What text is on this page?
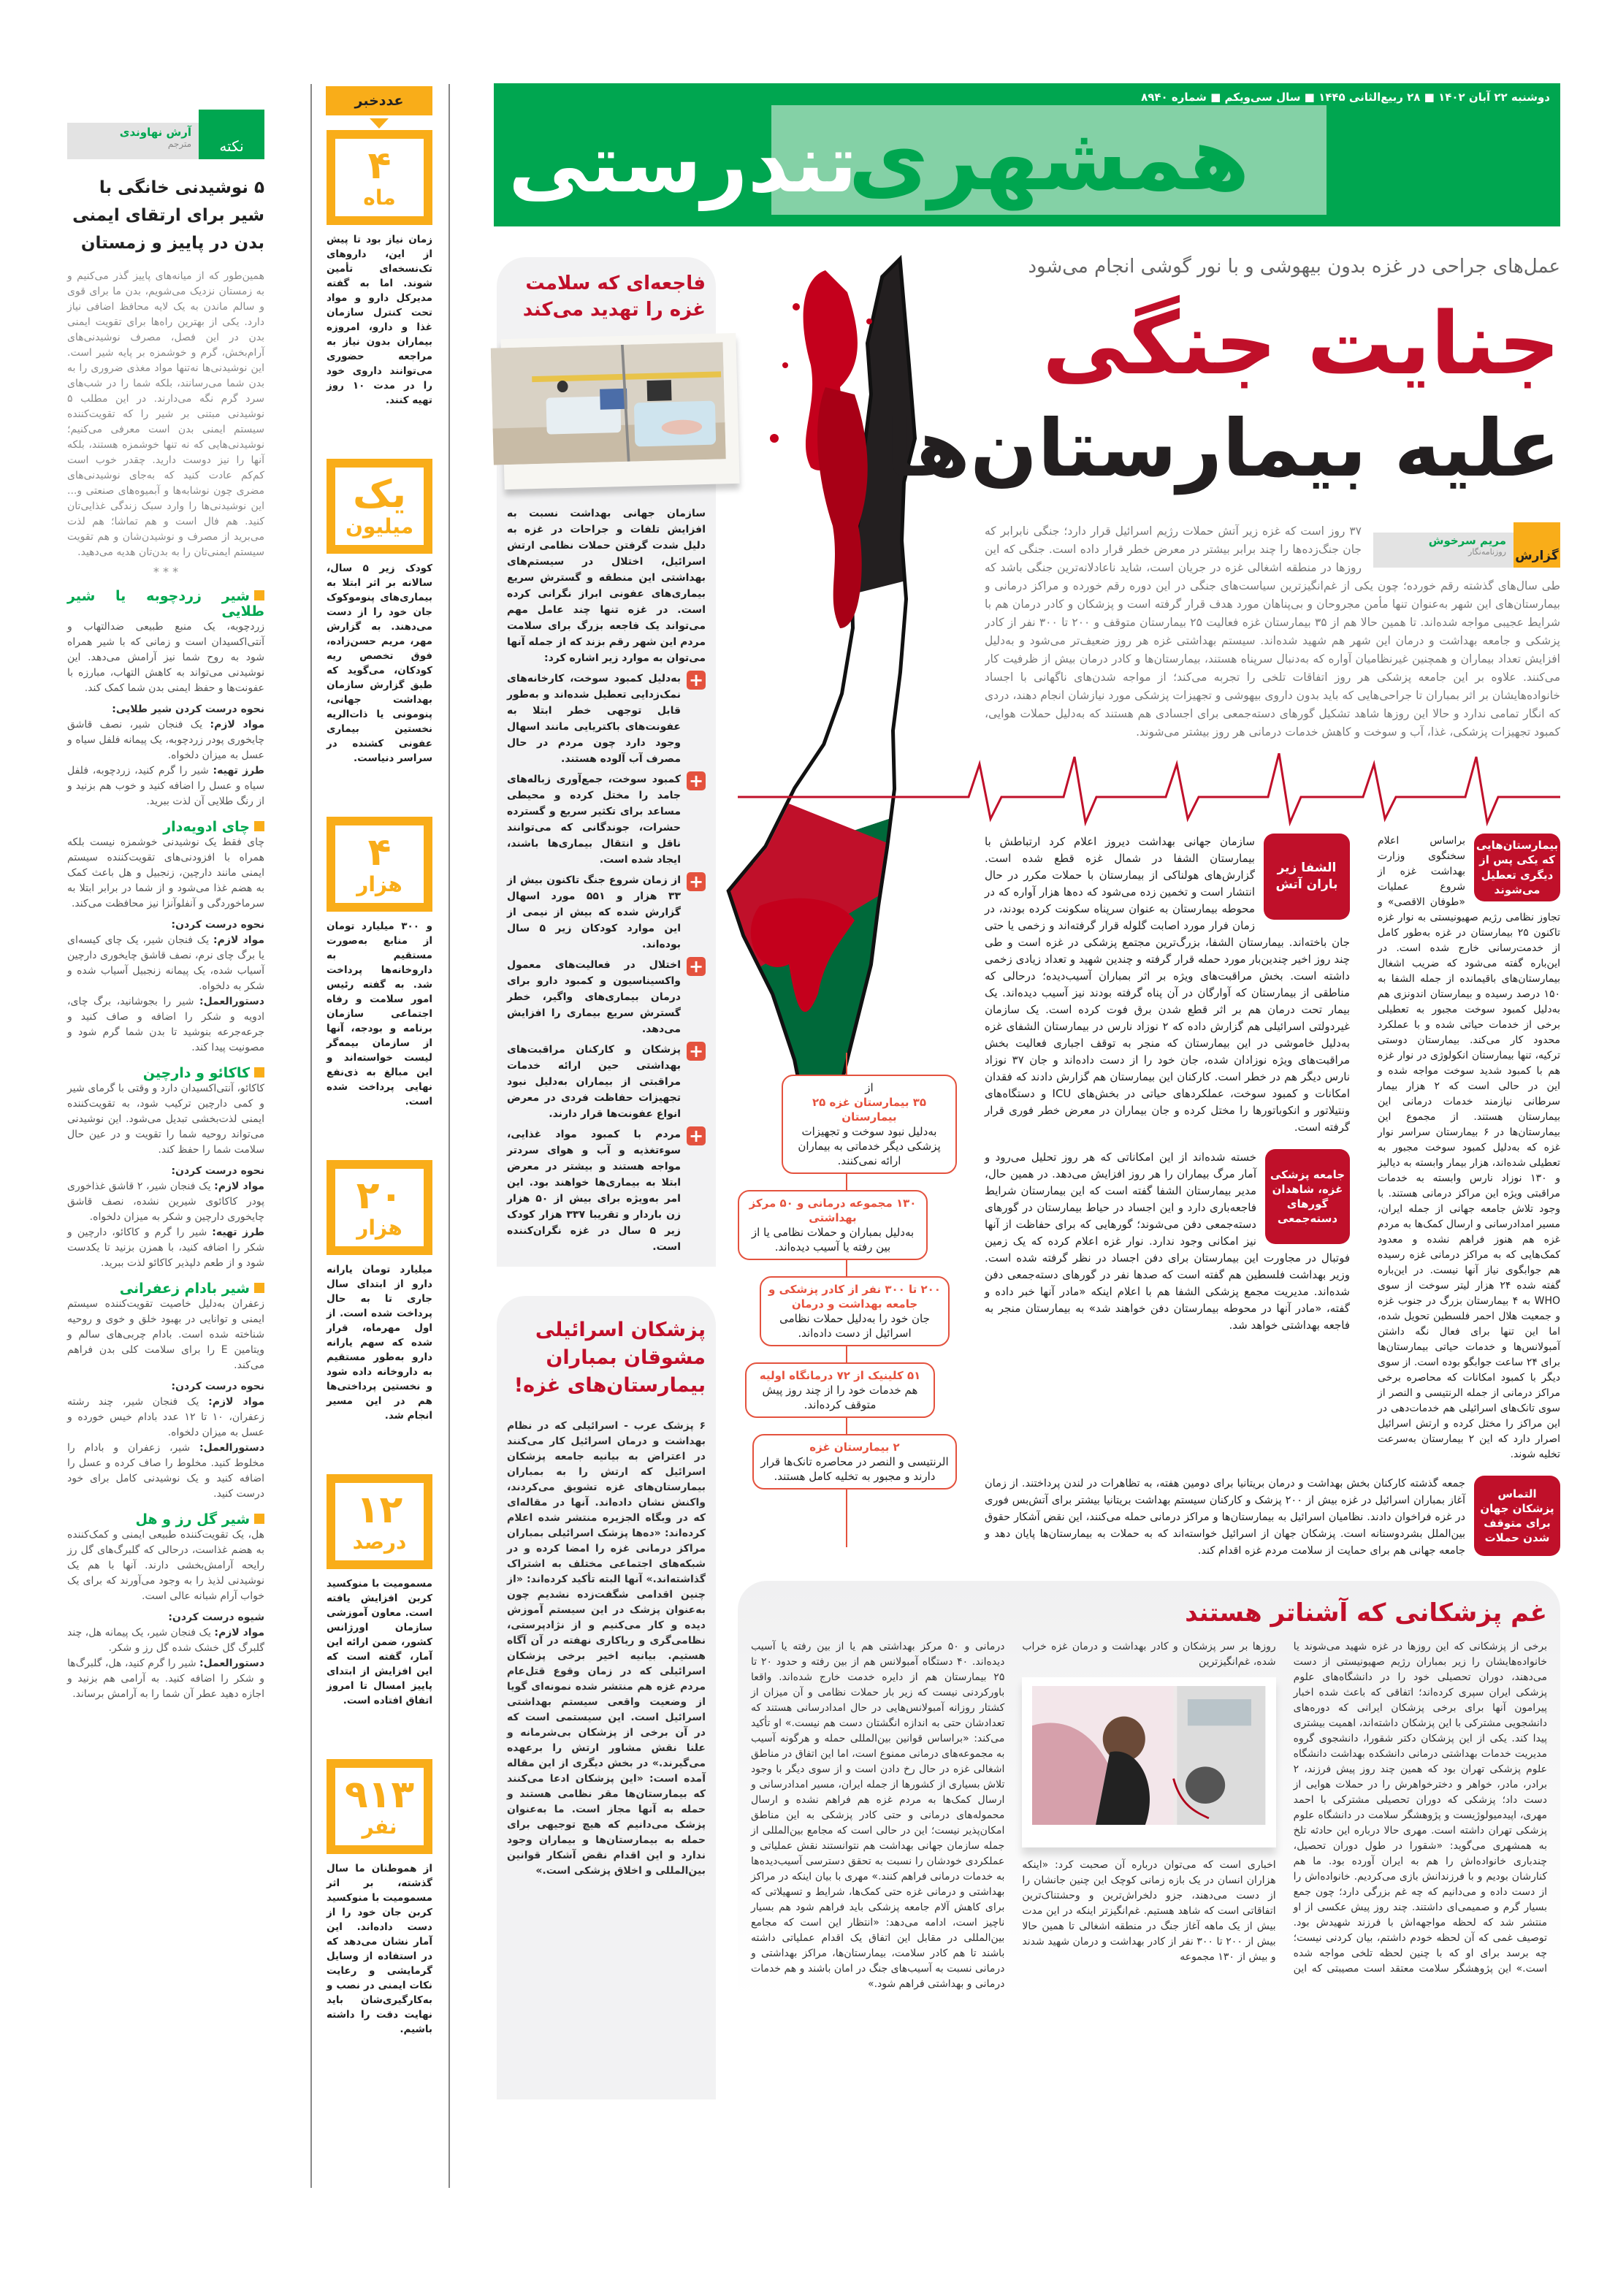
نکته
آرش نهاوندی
مترجم
۵ نوشیدنی خانگی با شیر برای ارتقای ایمنی بدن در پاییز و زمستان

همین‌طور که از میانه‌های پاییز گذر می‌کنیم و به زمستان نزدیک می‌شویم، بدن ما برای قوی و سالم ماندن به یک لایه محافظ اضافی نیاز دارد. یکی از بهترین راه‌ها برای تقویت ایمنی بدن در این فصل، مصرف نوشیدنی‌های آرام‌بخش، گرم و خوشمزه بر پایه شیر است. این نوشیدنی‌ها نه‌تنها مواد مغذی ضروری را به بدن شما می‌رسانند، بلکه شما را در شب‌های سرد گرم نگه می‌دارند. در این مطلب ۵ نوشیدنی مبتنی بر شیر را که تقویت‌کننده سیستم ایمنی بدن است معرفی می‌کنیم؛ نوشیدنی‌هایی که نه تنها خوشمزه هستند، بلکه آنها را نیز دوست دارید. چقدر خوب است کم‌کم عادت کنید که به‌جای نوشیدنی‌های مضری چون نوشابه‌ها و آبمیوه‌های صنعتی و... این نوشیدنی‌ها را وارد سبک زندگی غذایی‌تان کنید. هم فال است و هم تماشا؛ هم لذت می‌برید از مصرف و نوشیدن‌شان و هم تقویت سیستم ایمنی‌تان را به بدن‌تان هدیه می‌دهید.

* * *
شیر زردچوبه یا شیر طلایی

زردچوبه، یک منبع طبیعی ضدالتهاب و آنتی‌اکسیدان است و زمانی که با شیر همراه شود به روح شما نیز آرامش می‌دهد. این نوشیدنی می‌تواند به کاهش التهاب، مبارزه با عفونت‌ها و حفظ ایمنی بدن شما کمک کند.

نحوه درست کردن شیر طلایی:

مواد لازم: یک فنجان شیر، نصف قاشق چایخوری پودر زردچوبه، یک پیمانه فلفل سیاه و عسل به میزان دلخواه.

طرز تهیه: شیر را گرم کنید، زردچوبه، فلفل سیاه و عسل را اضافه کنید و خوب هم بزنید و از رنگ طلایی آن لذت ببرید.

چای ادویه‌دار

چای فقط یک نوشیدنی خوشمزه نیست بلکه همراه با افزودنی‌های تقویت‌کننده سیستم ایمنی مانند دارچین، زنجبیل و هل باعث کمک به هضم غذا می‌شود و از شما در برابر ابتلا به سرماخوردگی و آنفلوآنزا نیز محافظت می‌کند.

نحوه درست کردن:

مواد لازم: یک فنجان شیر، یک چای کیسه‌ای یا برگ چای نرم، نصف قاشق چایخوری دارچین آسیاب شده، یک پیمانه زنجبیل آسیاب شده و شکر به دلخواه.

دستورالعمل: شیر را بجوشانید، برگ چای، ادویه و شکر را اضافه و صاف کنید و جرعه‌جرعه بنوشید تا بدن شما گرم شود و مصونیت پیدا کند.

کاکائو و دارچین

کاکائو، آنتی‌اکسیدان دارد و وقتی با گرمای شیر و کمی دارچین ترکیب شود، به تقویت‌کننده ایمنی لذت‌بخشی تبدیل می‌شود. این نوشیدنی می‌تواند روحیه شما را تقویت و در عین حال سلامت شما را حفظ کند.

نحوه درست کردن:

مواد لازم: یک فنجان شیر، ۲ قاشق غذاخوری پودر کاکائوی شیرین نشده، نصف قاشق چایخوری دارچین و شکر به میزان دلخواه.

طرز تهیه: شیر را گرم و کاکائو، دارچین و شکر را اضافه کنید، با همزن بزنید تا یکدست شود و از طعم دلپذیر کاکائو لذت ببرید.

شیر بادام زعفرانی

زعفران به‌دلیل خاصیت تقویت‌کننده سیستم ایمنی و توانایی در بهبود خلق و خوی و روحیه شناخته شده است. بادام چربی‌های سالم و ویتامین E را برای سلامت کلی بدن فراهم می‌کند.

نحوه درست کردن:

مواد لازم: یک فنجان شیر، چند رشته زعفران، ۱۰ تا ۱۲ عدد بادام خیس خورده و عسل به میزان دلخواه.

دستورالعمل: شیر، زعفران و بادام را مخلوط کنید. مخلوط را صاف کرده و عسل را اضافه کنید و یک نوشیدنی کامل برای خود درست کنید.

شیر گل رز و هل

هل، یک تقویت‌کننده طبیعی ایمنی و کمک‌کننده به هضم غذاست، درحالی که گلبرگ‌های گل رز رایحه آرامش‌بخشی دارند. آنها با هم یک نوشیدنی لذیذ را به وجود می‌آورند که برای یک خواب آرام شبانه عالی است.

شیوه درست کردن:

مواد لازم: یک فنجان شیر، یک پیمانه هل، چند گلبرگ گل خشک شده گل رز و شکر.

دستورالعمل: شیر را گرم کنید، هل، گلبرگ‌ها و شکر را اضافه کنید. به آرامی هم بزنید و اجازه دهید عطر آن شما را به آرامش برساند.

عددخبر
۴
ماه

زمان نیاز بود تا پیش از این، داروهای تک‌نسخه‌ای تأمین شوند. اما به گفته مدیرکل دارو و مواد تحت کنترل سازمان غذا و دارو، امروزه بیماران بدون نیاز به مراجعه حضوری می‌توانند داروی خود را در مدت ۱۰ روز تهیه کنند.

یک
میلیون

کودک زیر ۵ سال، سالانه بر اثر ابتلا به بیماری‌های پنوموکوک جان خود را از دست می‌دهند. به گزارش مهر، مریم حسن‌زاده، فوق تخصص ریه کودکان، می‌گوید که طبق گزارش سازمان بهداشت جهانی، پنومونی یا ذات‌الریه نخستین بیماری عفونی کشنده در سراسر دنیاست.

۴
هزار

و ۳۰۰ میلیارد تومان از منابع به‌صورت مستقیم به داروخانه‌ها پرداخت شد. به گفته رئیس امور سلامت و رفاه اجتماعی سازمان برنامه و بودجه، آنها از سازمان بیمه‌گر لیست خواسته‌اند و این مبالغ به ذی‌نفع نهایی پرداخت شده است.

۲۰
هزار

میلیارد تومان یارانه دارو از ابتدای سال جاری تا به حال پرداخت شده است. از اول مهرماه، قرار شده که سهم یارانه دارو به‌طور مستقیم به داروخانه داده شود و نخستین پرداختی‌ها هم در این مسیر انجام شد.

۱۲
درصد

مسمومیت با منوکسید کربن افزایش یافته است. معاون آموزشی سازمان اورژانس کشور، ضمن ارائه این آمار، گفته است که این افزایش از ابتدای پاییز امسال تا امروز اتفاق افتاده است.

۹۱۳
نفر

از هموطنان ما سال گذشته، بر اثر مسمومیت با منوکسید کربن جان خود را از دست داده‌اند. این آمار نشان می‌دهد که در استفاده از وسایل گرمایشی و رعایت نکات ایمنی در نصب و به‌کارگیری‌شان باید نهایت دقت را داشته باشیم.

دوشنبه ۲۲ آبان ۱۴۰۲ ■ ۲۸ ربیع‌الثانی ۱۴۴۵ ■ سال سی‌ویکم ■ شماره ۸۹۴۰
همشهری
تندرستی
فاجعه‌ای که سلامت غزه را تهدید می‌کند

سازمان جهانی بهداشت نسبت به افزایش تلفات و جراحات در غزه به دلیل شدت گرفتن حملات نظامی ارتش اسرائیل، اختلال در سیستم‌های بهداشتی این منطقه و گسترش سریع بیماری‌های عفونی ابراز نگرانی کرده است. در غزه تنها چند عامل مهم می‌تواند یک فاجعه بزرگ برای سلامت مردم این شهر رقم بزند که از جمله آنها می‌توان به موارد زیر اشاره کرد:

+
به‌دلیل کمبود سوخت، کارخانه‌های نمک‌زدایی تعطیل شده‌اند و به‌طور قابل توجهی خطر ابتلا به عفونت‌های باکتریایی مانند اسهال وجود دارد چون مردم در حال مصرف آب آلوده هستند.
+
کمبود سوخت، جمع‌آوری زباله‌های جامد را مختل کرده و محیطی مساعد برای تکثیر سریع و گسترده حشرات، جوندگانی که می‌توانند ناقل و انتقال بیماری‌ها باشند، ایجاد شده است.
+
از زمان شروع جنگ تاکنون بیش از ۳۳ هزار و ۵۵۱ مورد اسهال گزارش شده که بیش از نیمی از این موارد کودکان زیر ۵ سال بوده‌اند.
+
اختلال در فعالیت‌های معمول واکسیناسیون و کمبود دارو برای درمان بیماری‌های واگیر، خطر گسترش سریع بیماری را افزایش می‌دهد.
+
پزشکان و کارکنان مراقبت‌های بهداشتی حین ارائه خدمات مراقبتی از بیماران به‌دلیل نبود تجهیزات حفاظت فردی در معرض انواع عفونت‌ها قرار دارند.
+
مردم با کمبود مواد غذایی، سوء‌تغذیه و آب و هوای سردتر مواجه هستند و بیشتر در معرض ابتلا به بیماری‌ها خواهند بود. این امر به‌ویژه برای بیش از ۵۰ هزار زن باردار و تقریبا ۳۳۷ هزار کودک زیر ۵ سال در غزه نگران‌کننده است.
پزشکان اسرائیلی مشوقان بمباران بیمارستان‌های غزه!

۶ پزشک عرب - اسرائیلی که در نظام بهداشت و درمان اسرائیل کار می‌کنند در اعتراض به بیانیه جامعه پزشکان اسرائیل که ارتش را به بمباران بیمارستان‌های غزه تشویق می‌کردند، واکنش نشان داده‌اند. آنها در مقاله‌ای که در وبگاه الجزیره منتشر شده اعلام کرده‌اند: «ده‌ها پزشک اسرائیلی بمباران مراکز درمانی غزه را امضا کرده و در شبکه‌های اجتماعی مختلف به اشتراک گذاشته‌اند.» آنها البته تأکید کرده‌اند: «از چنین اقدامی شگفت‌زده نشدیم چون به‌عنوان پزشک در این سیستم آموزش دیده و کار می‌کنیم و از نژادپرستی، نظامی‌گری و ریاکاری نهفته در آن آگاه هستیم. بیانیه اخیر برخی پزشکان اسرائیلی که در زمان وقوع قتل‌عام مردم غزه هم منتشر شده نمونه‌ای گویا از وضعیت واقعی سیستم بهداشتی اسرائیل است. این سیستمی است که در آن برخی از پزشکان بی‌شرمانه و علنا نقش مشاور ارتش را برعهده می‌گیرند.» در بخش دیگری از این مقاله آمده است: «این پزشکان ادعا می‌کنند که بیمارستان‌ها مقر نظامی هستند و حمله به آنها مجاز است. ما به‌عنوان پزشک می‌دانیم که هیچ توجیهی برای حمله به بیمارستان‌ها و بیماران وجود ندارد و این اقدام نقض آشکار قوانین بین‌المللی و اخلاق پزشکی است.»

عمل‌های جراحی در غزه بدون بیهوشی و با نور گوشی انجام می‌شود
جنایت جنگی
علیه بیمارستان‌ها
گزارش
مریم سرخوش
روزنامه‌نگار

۳۷ روز است که غزه زیر آتش حملات رژیم اسرائیل قرار دارد؛ جنگی نابرابر که جان جنگ‌زده‌ها را چند برابر بیشتر در معرض خطر قرار داده است. جنگی که این روزها در منطقه اشغالی غزه در جریان است، شاید ناعادلانه‌ترین جنگی باشد که طی سال‌های گذشته رقم خورده؛ چون یکی از غم‌انگیزترین سیاست‌های جنگی در این دوره رقم خورده و مراکز درمانی و بیمارستان‌های این شهر به‌عنوان تنها مأمن مجروحان و بی‌پناهان مورد هدف قرار گرفته است و پزشکان و کادر درمان هم با شرایط عجیبی مواجه شده‌اند. تا همین حالا هم از ۳۵ بیمارستان غزه فعالیت ۲۵ بیمارستان متوقف و ۲۰۰ تا ۳۰۰ نفر از کادر پزشکی و جامعه بهداشت و درمان این شهر هم شهید شده‌اند. سیستم بهداشتی غزه هر روز ضعیف‌تر می‌شود و به‌دلیل افزایش تعداد بیماران و همچنین غیرنظامیان آواره که به‌دنبال سرپناه هستند، بیمارستان‌ها و کادر درمان بیش از ظرفیت کار می‌کنند. علاوه بر این جامعه پزشکی هر روز اتفاقات تلخی را تجربه می‌کند؛ از مواجه شدن‌های ناگهانی با اجساد خانواده‌هایشان بر اثر بمباران تا جراحی‌هایی که باید بدون داروی بیهوشی و تجهیزات پزشکی مورد نیازشان انجام دهند، دردی که انگار تمامی ندارد و حالا این روزها شاهد تشکیل گورهای دسته‌جمعی برای اجسادی هم هستند که به‌دلیل حملات هوایی، کمبود تجهیزات پزشکی، غذا، آب و سوخت و کاهش خدمات درمانی هر روز بیشتر می‌شوند.

بیمارستان‌هایی که یکی پس از دیگری تعطیل می‌شوند

براساس اعلام سخنگوی وزارت بهداشت غزه از شروع عملیات «طوفان الاقصی» و تجاوز نظامی رژیم صهیونیستی به نوار غزه تاکنون ۲۵ بیمارستان در غزه به‌طور کامل از خدمت‌رسانی خارج شده است. در این‌باره گفته می‌شود که ضریب اشغال بیمارستان‌های باقیمانده از جمله الشفا به ۱۵۰ درصد رسیده و بیمارستان اندونزی هم به‌دلیل کمبود سوخت مجبور به تعطیلی برخی از خدمات حیاتی شده و با عملکرد محدود کار می‌کند. بیمارستان دوستی ترکیه، تنها بیمارستان انکولوژی در نوار غزه هم با کمبود شدید سوخت مواجه شده و این در حالی است که ۲ هزار بیمار سرطانی نیازمند خدمات درمانی این بیمارستان هستند. از مجموع این بیمارستان‌ها در ۶ بیمارستان سراسر نوار غزه که به‌دلیل کمبود سوخت مجبور به تعطیلی شده‌اند، هزار بیمار وابسته به دیالیز و ۱۳۰ نوزاد نارس وابسته به خدمات مراقبتی ویژه این مراکز درمانی هستند. با وجود تلاش جامعه جهانی از جمله ایران، مسیر امدادرسانی و ارسال کمک‌ها به مردم غزه هم هنوز فراهم نشده و معدود کمک‌هایی که به مراکز درمانی غزه رسیده هم جوابگوی نیاز آنها نیست. در این‌باره گفته شده ۲۴ هزار لیتر سوخت از سوی WHO به ۴ بیمارستان بزرگ در جنوب غزه و جمعیت هلال احمر فلسطین تحویل شده، اما این تنها برای فعال نگه داشتن آمبولانس‌ها و خدمات حیاتی بیمارستان‌ها برای ۲۴ ساعت جوابگو بوده است. از سوی دیگر با کمبود امکانات که محاصره برخی مراکز درمانی از جمله الرنتیسی و النصر از سوی تانک‌های اسرائیلی هم خدمات‌دهی در این مراکز را مختل کرده و ارتش اسرائیل اصرار دارد که این ۲ بیمارستان به‌سرعت تخلیه شوند.

الشفا زیر باران آتش

سازمان جهانی بهداشت دیروز اعلام کرد ارتباطش با بیمارستان الشفا در شمال غزه قطع شده است. گزارش‌های هولناکی از بیمارستان با حملات مکرر در حال انتشار است و تخمین زده می‌شود که ده‌ها هزار آواره که در محوطه بیمارستان به عنوان سرپناه سکونت کرده بودند، در زمان فرار مورد اصابت گلوله قرار گرفته‌اند و زخمی یا حتی جان باخته‌اند. بیمارستان الشفا، بزرگ‌ترین مجتمع پزشکی در غزه است و طی چند روز اخیر چندین‌بار مورد حمله قرار گرفته و چندین شهید و تعداد زیادی زخمی داشته است. بخش مراقبت‌های ویژه بر اثر بمباران آسیب‌دیده؛ درحالی که مناطقی از بیمارستان که آوارگان در آن پناه گرفته بودند نیز آسیب دیده‌اند. یک بیمار تحت درمان هم بر اثر قطع شدن برق فوت کرده است. یک سازمان غیردولتی اسرائیلی هم گزارش داده که ۲ نوزاد نارس در بیمارستان الشفای غزه به‌دلیل خاموشی در این بیمارستان که منجر به توقف اجباری فعالیت بخش مراقبت‌های ویژه نوزادان شده، جان خود را از دست داده‌اند و جان ۳۷ نوزاد نارس دیگر هم در خطر است. کارکنان این بیمارستان هم گزارش دادند که فقدان امکانات و کمبود سوخت، عملکردهای حیاتی در بخش‌های ICU و دستگاه‌های ونتیلاتور و انکوباتورها را مختل کرده و جان بیماران در معرض خطر فوری قرار گرفته است.

جامعه پزشکی غزه، شاهدان گورهای دسته‌جمعی

خسته شده‌اند از این امکاناتی که هر روز تحلیل می‌رود و آمار مرگ بیماران را هر روز افزایش می‌دهد. در همین حال، مدیر بیمارستان الشفا گفته است که این بیمارستان شرایط فاجعه‌باری دارد و این اجساد در حیاط بیمارستان در گورهای دسته‌جمعی دفن می‌شوند؛ گورهایی که برای حفاظت از آنها نیز امکانی وجود ندارد. نوار غزه اعلام کرده که یک زمین فوتبال در مجاورت این بیمارستان برای دفن اجساد در نظر گرفته شده است. وزیر بهداشت فلسطین هم گفته است که صدها نفر در گورهای دسته‌جمعی دفن شده‌اند. مدیریت مجمع پزشکی الشفا هم با اعلام اینکه «مادر آنها خبر داده و گفته، «مادر آنها در محوطه بیمارستان دفن خواهند شد» به بیمارستان منجر به فاجعه بهداشتی خواهد شد.

از
۳۵ بیمارستان غزه ۲۵ بیمارستان
به‌دلیل نبود سوخت و تجهیزات پزشکی دیگر خدماتی به بیماران ارائه نمی‌کنند.
۱۳۰ مجموعه درمانی و ۵۰ مرکز بهداشتی
به‌دلیل بمباران و حملات نظامی یا از بین رفته یا آسیب دیده‌اند.
۲۰۰ تا ۳۰۰ نفر از کادر پزشکی و جامعه بهداشت و درمان
جان خود را به‌دلیل حملات نظامی اسرائیل از دست داده‌اند.
۵۱ کلینیک از ۷۲ درمانگاه اولیه
هم خدمات خود را از چند روز پیش متوقف کرده‌اند.
۲ بیمارستان غزه
الرنتیسی و النصر در محاصره تانک‌ها قرار دارند و مجبور به تخلیه کامل هستند.
التماس پزشکان جهان برای متوقف شدن حملات

جمعه گذشته کارکنان بخش بهداشت و درمان بریتانیا برای دومین هفته، به تظاهرات در لندن پرداختند. از زمان آغاز بمباران اسرائیل در غزه بیش از ۲۰۰ پزشک و کارکنان سیستم بهداشت بریتانیا بیشتر برای آتش‌بس فوری در غزه فراخوان دادند. نظامیان اسرائیل به بیمارستان‌ها و مراکز درمانی حمله می‌کنند، این نقض آشکار حقوق بین‌الملل بشردوستانه است. پزشکان جهان از اسرائیل خواسته‌اند که به حملات به بیمارستان‌ها پایان دهد و جامعه جهانی هم برای حمایت از سلامت مردم غزه اقدام کند.

غم پزشکانی که آشناتر هستند

برخی از پزشکانی که این روزها در غزه شهید می‌شوند یا خانواده‌هایشان را زیر بمباران رژیم صهیونیستی از دست می‌دهند، دوران تحصیلی خود را در دانشگاه‌های علوم پزشکی ایران سپری کرده‌اند؛ اتفاقی که باعث شده اخبار پیرامون آنها برای برخی پزشکان ایرانی که دوره‌های دانشجویی مشترکی با این پزشکان داشته‌اند، اهمیت بیشتری پیدا کند. یکی از این پزشکان دکتر شقورا، دانشجوی گروه مدیریت خدمات بهداشتی درمانی دانشکده بهداشت دانشگاه علوم پزشکی تهران بود که همین چند روز پیش فرزند، ۲ برادر، مادر، خواهر و دخترخواهرش را در حملات هوایی از دست داد؛ پزشکی که دوران تحصیلی مشترکی با احمد مهری، اپیدمیولوژیست و پژوهشگر سلامت در دانشگاه علوم پزشکی تهران داشته است. مهری حالا درباره این حادثه تلخ به همشهری می‌گوید: «شقورا در طول دوران تحصیل، چندباری خانواده‌اش را هم به ایران آورده بود. ما هم کنارشان بودیم و با فرزندانش بازی می‌کردیم. خانواده‌اش را از دست داده و می‌دانیم که چه غم بزرگی دارد؛ چون جمع بسیار گرم و صمیمی‌ای داشتند. چند روز پیش عکسی از او منتشر شد که لحظه مواجهه‌اش با فرزند شهیدش بود. توصیف غمی که آن لحظه خودم داشتم، بیان کردنی نیست؛ چه برسد برای او که با چنین لحظه تلخی مواجه شده است.» این پژوهشگر سلامت معتقد است مصیبتی که این روزها بر سر پزشکان و کادر بهداشت و درمان غزه خراب شده، غم‌انگیزترین

اخباری است که می‌توان درباره آن صحبت کرد: «اینکه هزاران انسان در یک بازه زمانی کوچک این چنین جانشان را از دست می‌دهند، جزو دلخراش‌ترین و وحشتناک‌ترین اتفاقاتی است که شاهد هستیم. غم‌انگیزتر اینکه در این مدت بیش از یک ماهه آغاز جنگ در منطقه اشغالی تا همین حالا بیش از ۲۰۰ تا ۳۰۰ نفر از کادر بهداشت و درمان شهید شدند و بیش از ۱۳۰ مجموعه

درمانی و ۵۰ مرکز بهداشتی هم یا از بین رفته یا آسیب دیده‌اند. ۴۰ دستگاه آمبولانس هم از بین رفته و حدود ۲۰ تا ۲۵ بیمارستان هم از دایره خدمت خارج شده‌اند. واقعا باورکردنی نیست که زیر بار حملات نظامی و آن میزان از کشتار روزانه آمبولانس‌هایی در حال امدادرسانی هستند که تعدادشان حتی به اندازه انگشتان دست هم نیست.» او تأکید می‌کند: «براساس قوانین بین‌المللی حمله و هرگونه آسیب به مجموعه‌های درمانی ممنوع است، اما این اتفاق در مناطق اشغالی غزه در حال رخ دادن است و از سوی دیگر با وجود تلاش بسیاری از کشورها از جمله ایران، مسیر امدادرسانی و ارسال کمک‌ها به مردم غزه هم فراهم نشده و ارسال محموله‌های درمانی و حتی کادر پزشکی به این مناطق امکان‌پذیر نیست؛ این در حالی است که مجامع بین‌المللی از جمله سازمان جهانی بهداشت هم نتوانستند نقش عملیاتی و عملکردی خودشان را نسبت به تحقق دسترسی آسیب‌دیده‌ها به خدمات درمانی فراهم کنند.» مهری با بیان اینکه در مراکز بهداشتی و درمانی غزه حتی کمک‌ها، شرایط و تسهیلاتی که برای کاهش آلام جامعه پزشکی باید فراهم شود هم بسیار ناچیز است، ادامه می‌دهد: «انتظار این است که مجامع بین‌المللی در مقابل این اتفاق یک اقدام عملیاتی داشته باشند تا هم کادر سلامت، بیمارستان‌ها، مراکز بهداشتی و درمانی نسبت به آسیب‌های جنگ در امان باشند و هم خدمات درمانی و بهداشتی فراهم شود.»
